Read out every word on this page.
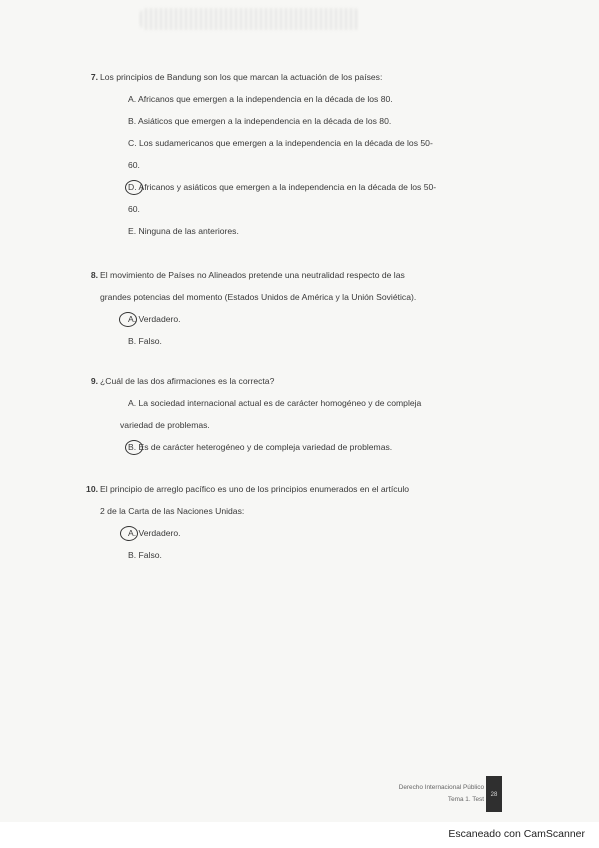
7. Los principios de Bandung son los que marcan la actuación de los países:
A. Africanos que emergen a la independencia en la década de los 80.
B. Asiáticos que emergen a la independencia en la década de los 80.
C. Los sudamericanos que emergen a la independencia en la década de los 50-
60.
D. Africanos y asiáticos que emergen a la independencia en la década de los 50-
60.
E. Ninguna de las anteriores.
8. El movimiento de Países no Alineados pretende una neutralidad respecto de las
grandes potencias del momento (Estados Unidos de América y la Unión Soviética).
A. Verdadero.
B. Falso.
9. ¿Cuál de las dos afirmaciones es la correcta?
A. La sociedad internacional actual es de carácter homogéneo y de compleja
variedad de problemas.
B. Es de carácter heterogéneo y de compleja variedad de problemas.
10. El principio de arreglo pacífico es uno de los principios enumerados en el artículo
2 de la Carta de las Naciones Unidas:
A. Verdadero.
B. Falso.
Derecho Internacional Público
Tema 1. Test
28
Escaneado con CamScanner
